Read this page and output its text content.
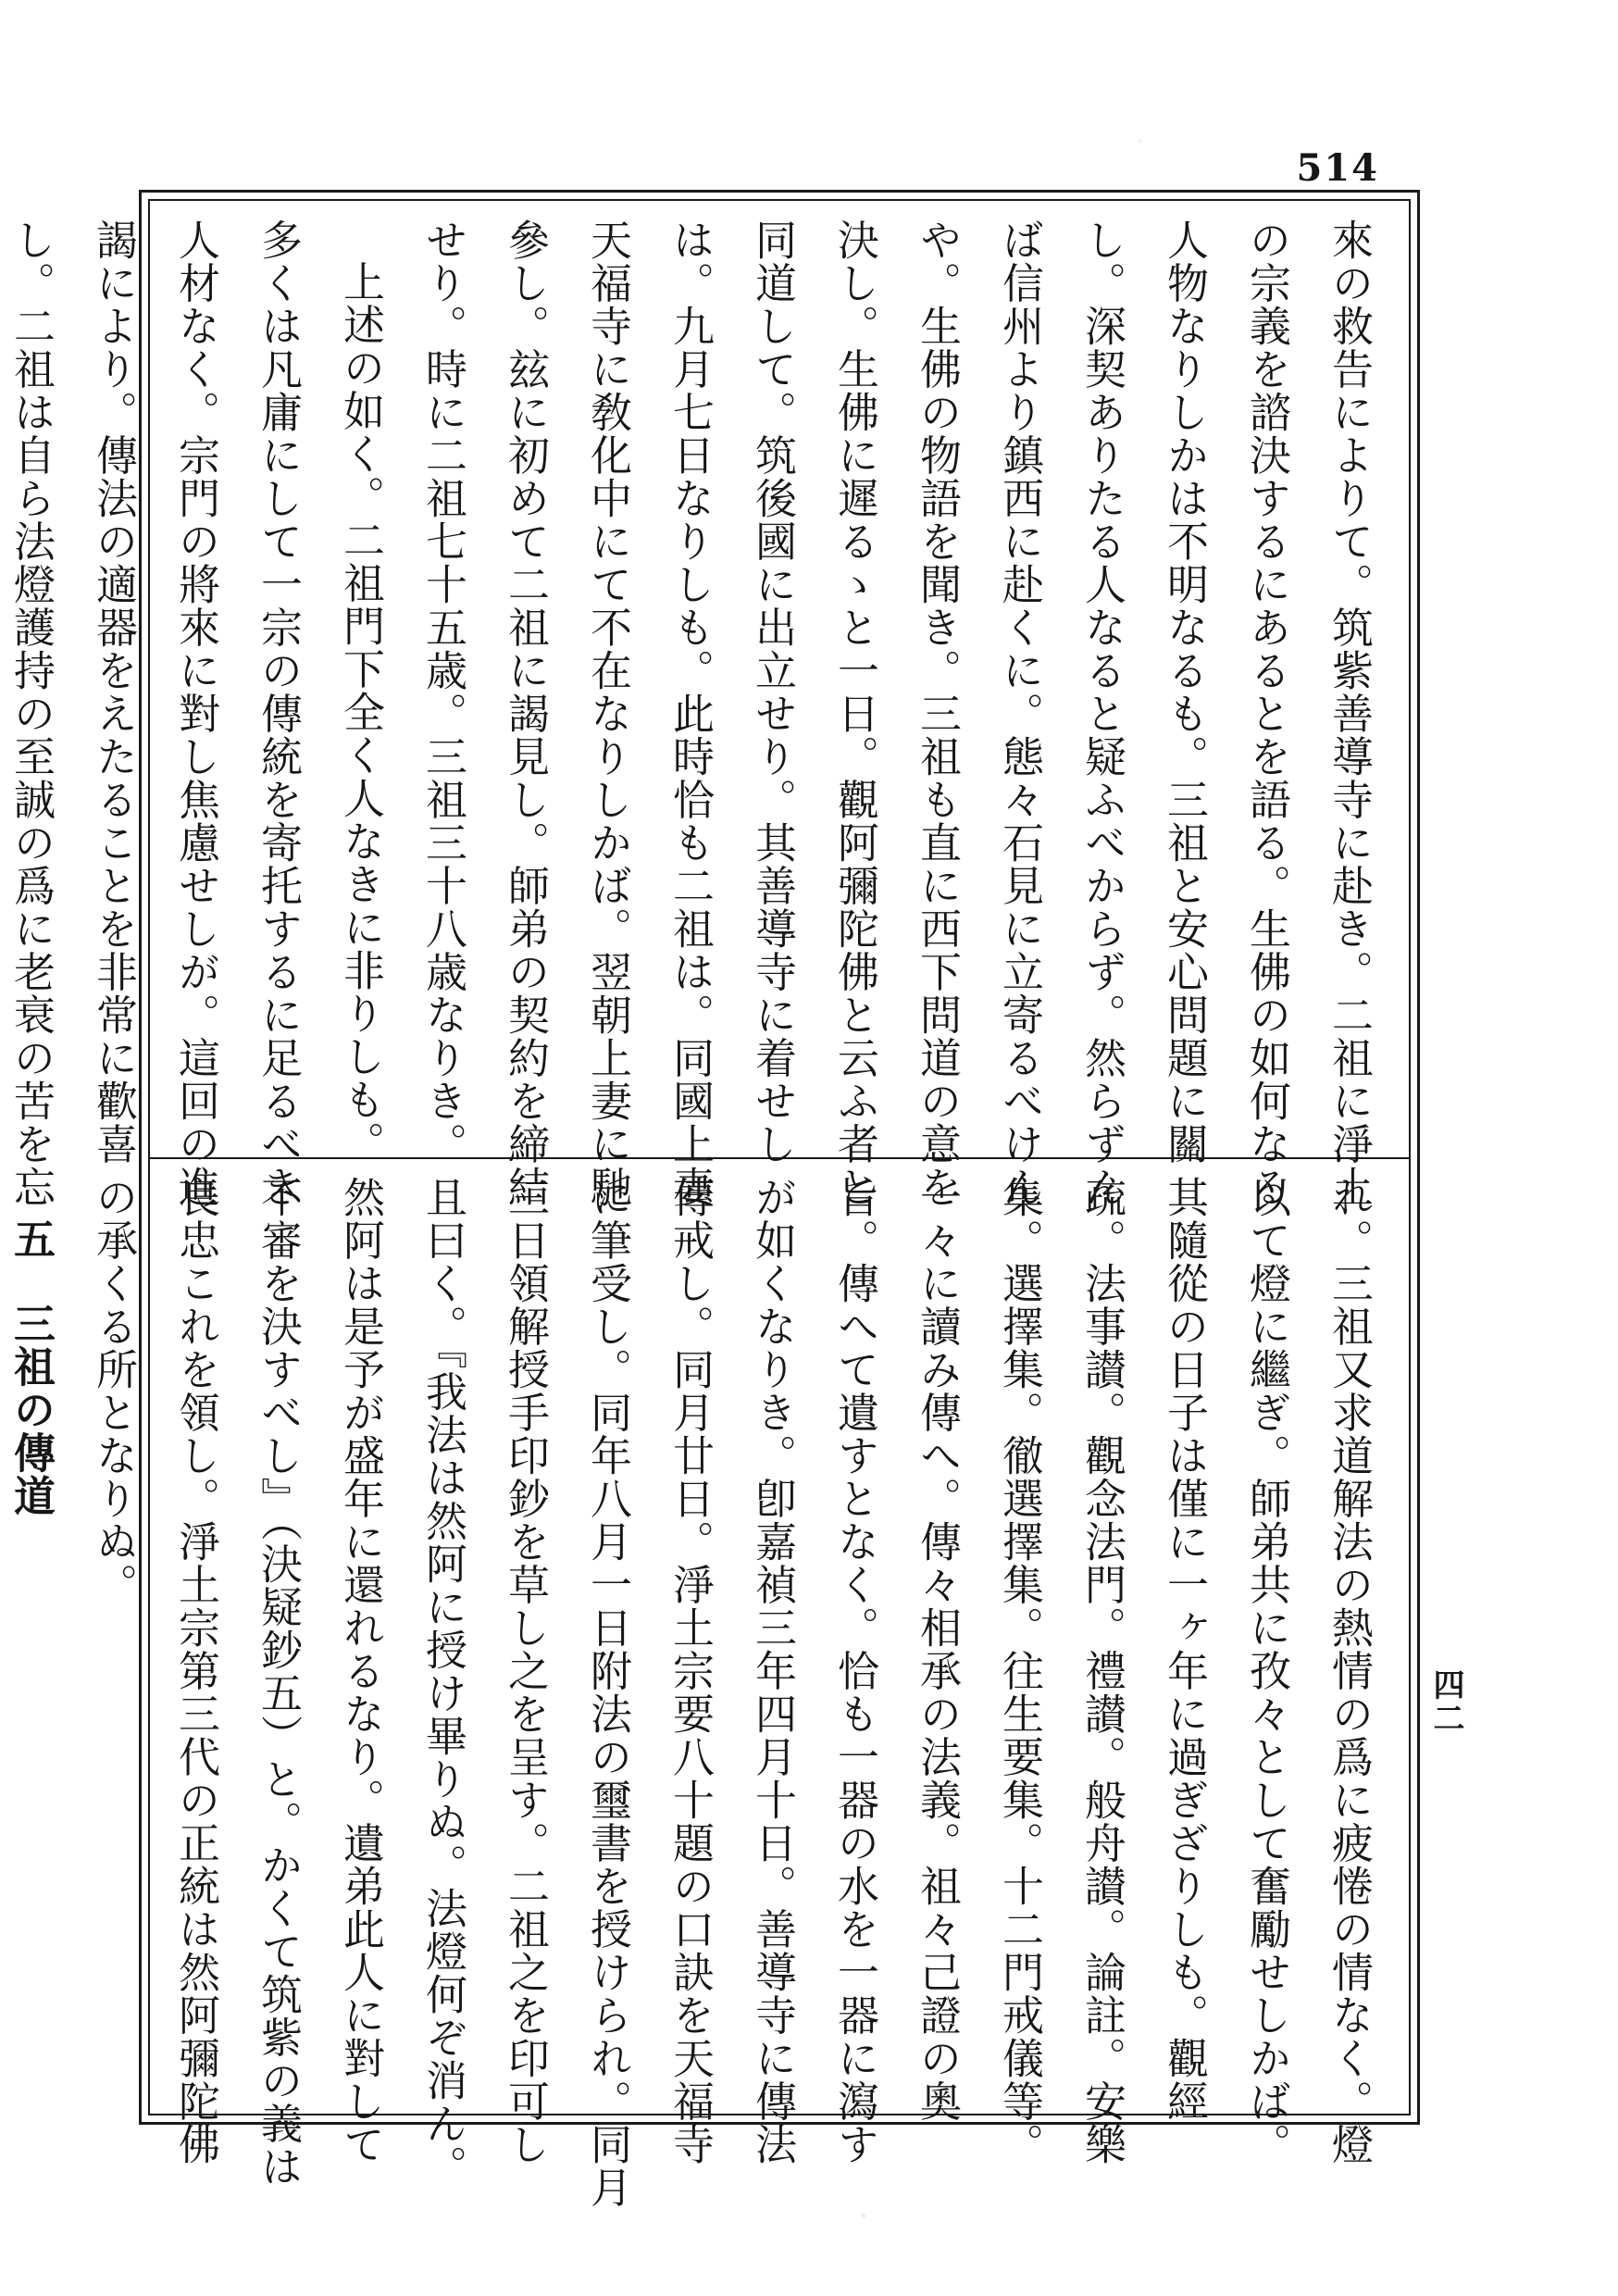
514
來の救告によりて。筑紫善導寺に赴き。二祖に淨土
の宗義を諮決するにあるとを語る。生佛の如何なる
人物なりしかは不明なるも。三祖と安心問題に關
し。深契ありたる人なると疑ふべからず。然らずん
ば信州より鎮西に赴くに。態々石見に立寄るべけん
や。生佛の物語を聞き。三祖も直に西下問道の意を
決し。生佛に遲るゝと一日。觀阿彌陀佛と云ふ者と
同道して。筑後國に出立せり。其善導寺に着せし
は。九月七日なりしも。此時恰も二祖は。同國上妻
天福寺に敎化中にて不在なりしかば。翌朝上妻に馳
參し。玆に初めて二祖に謁見し。師弟の契約を締結
せり。時に二祖七十五歳。三祖三十八歳なりき。
上述の如く。二祖門下全く人なきに非りしも。
多くは凡庸にして一宗の傳統を寄托するに足るべき
人材なく。宗門の將來に對し焦慮せしが。這回の進
謁により。傳法の適器をえたることを非常に歡喜
し。二祖は自ら法燈護持の至誠の爲に老衰の苦を忘
れ。三祖又求道解法の熱情の爲に疲惓の情なく。燈
以て燈に繼ぎ。師弟共に孜々として奮勵せしかば。
其隨從の日子は僅に一ヶ年に過ぎざりしも。觀經
疏。法事讃。觀念法門。禮讃。般舟讃。論註。安樂
集。選擇集。徹選擇集。往生要集。十二門戒儀等。
一々に讀み傳へ。傳々相承の法義。祖々己證の奧
旨。傳へて遺すとなく。恰も一器の水を一器に瀉す
が如くなりき。卽嘉禎三年四月十日。善導寺に傳法
傳戒し。同月廿日。淨土宗要八十題の口訣を天福寺
に筆受し。同年八月一日附法の璽書を授けられ。同月
三日領解授手印鈔を草し之を呈す。二祖之を印可し
且曰く。『我法は然阿に授け畢りぬ。法燈何ぞ消ん。
然阿は是予が盛年に還れるなり。遺弟此人に對して
不審を決すべし』（決疑鈔五）と。かくて筑紫の義は
良忠これを領し。淨土宗第三代の正統は然阿彌陀佛
の承くる所となりぬ。
五三祖の傳道
四二
